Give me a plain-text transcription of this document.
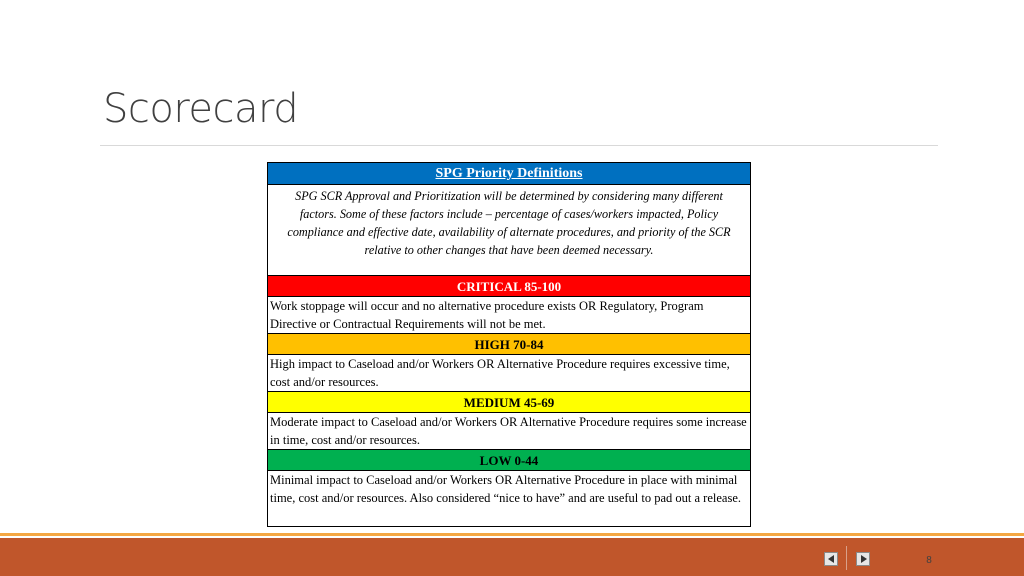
Scorecard
SPG Priority Definitions
SPG SCR Approval and Prioritization will be determined by considering many different factors. Some of these factors include – percentage of cases/workers impacted, Policy compliance and effective date, availability of alternate procedures, and priority of the SCR relative to other changes that have been deemed necessary.
CRITICAL 85-100
Work stoppage will occur and no alternative procedure exists OR Regulatory, Program Directive or Contractual Requirements will not be met.
HIGH 70-84
High impact to Caseload and/or Workers OR Alternative Procedure requires excessive time, cost and/or resources.
MEDIUM 45-69
Moderate impact to Caseload and/or Workers OR Alternative Procedure requires some increase in time, cost and/or resources.
LOW 0-44
Minimal impact to Caseload and/or Workers OR Alternative Procedure in place with minimal time, cost and/or resources. Also considered “nice to have” and are useful to pad out a release.
8
